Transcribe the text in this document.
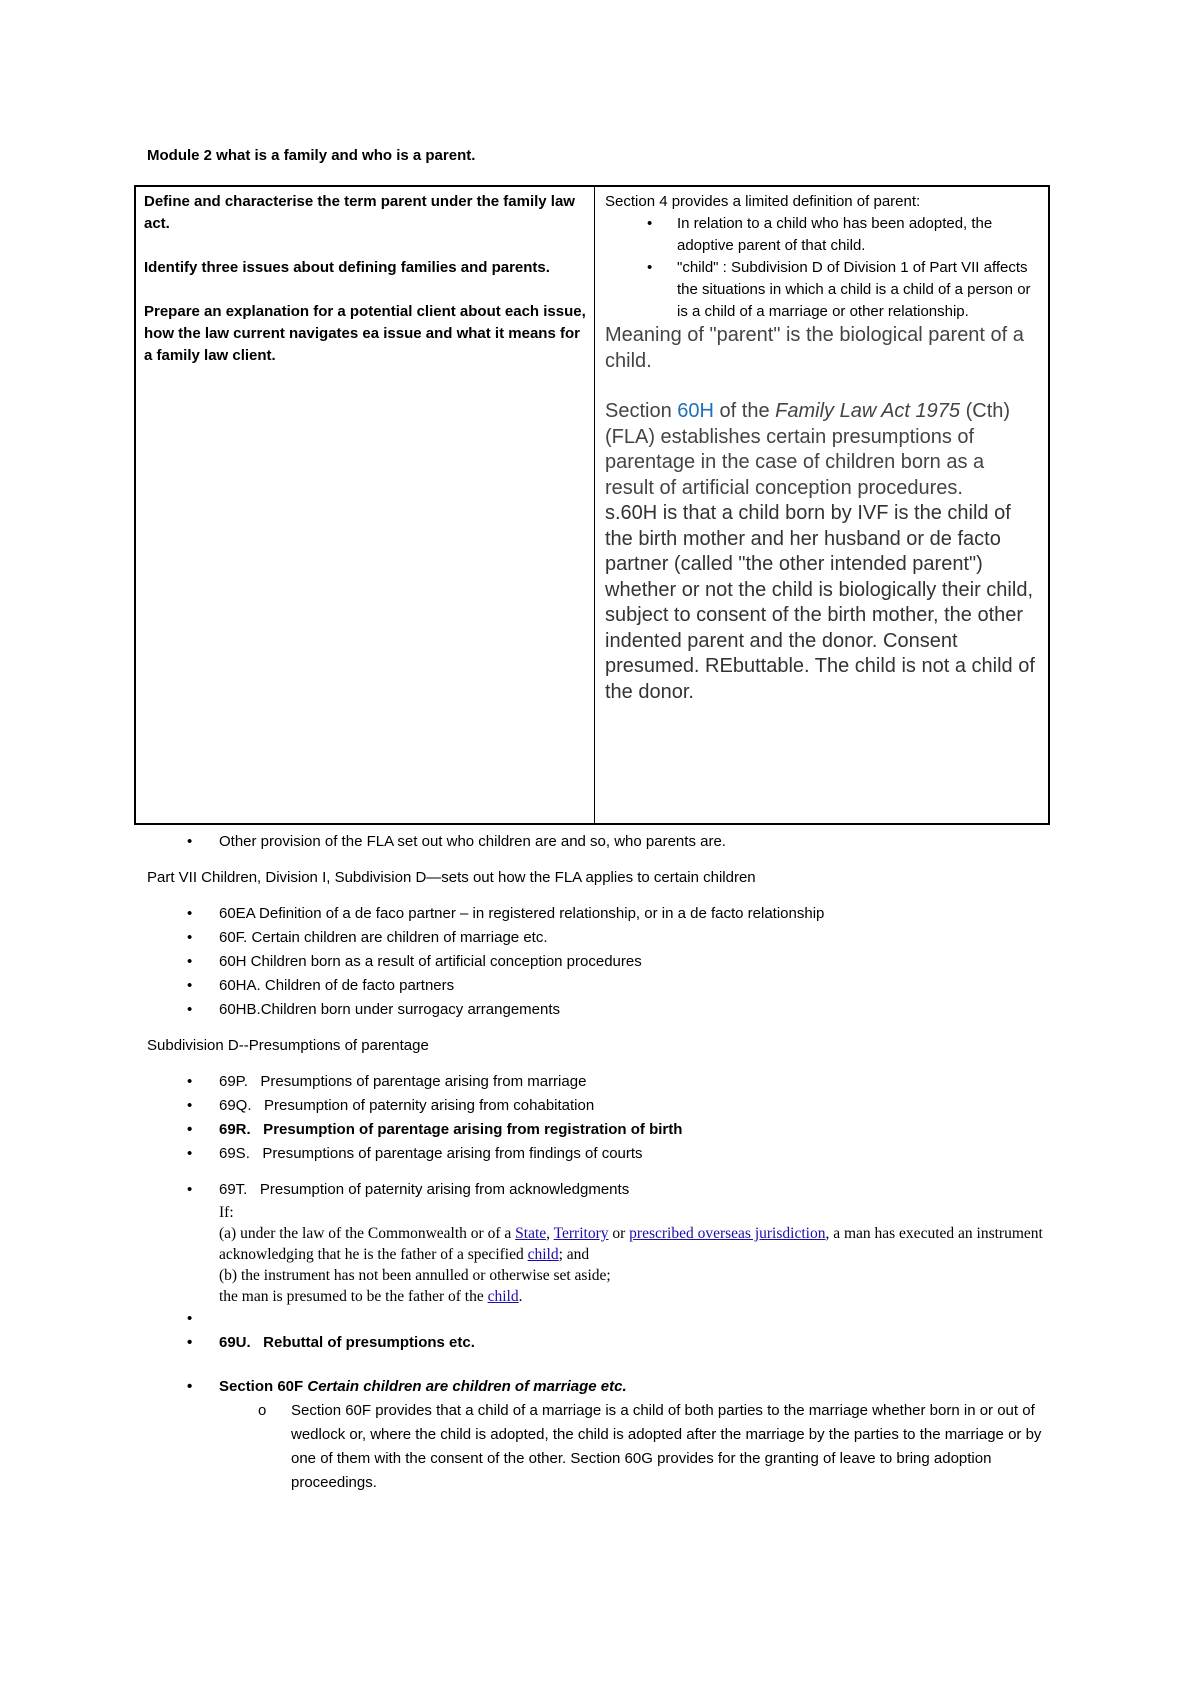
Module 2 what is a family and who is a parent.

Define and characterise the term parent under the family law act.

Identify three issues about defining families and parents.

Prepare an explanation for a potential client about each issue, how the law current navigates ea issue and what it means for a family law client.

Section 4 provides a limited definition of parent:
• In relation to a child who has been adopted, the adoptive parent of that child.
• "child" : Subdivision D of Division 1 of Part VII affects the situations in which a child is a child of a person or is a child of a marriage or other relationship.

Meaning of "parent" is the biological parent of a child.

Section 60H of the Family Law Act 1975 (Cth) (FLA) establishes certain presumptions of parentage in the case of children born as a result of artificial conception procedures.

s.60H is that a child born by IVF is the child of the birth mother and her husband or de facto partner (called "the other intended parent") whether or not the child is biologically their child, subject to consent of the birth mother, the other indented parent and the donor. Consent presumed. REbuttable. The child is not a child of the donor.

• Other provision of the FLA set out who children are and so, who parents are.

Part VII Children, Division I, Subdivision D—sets out how the FLA applies to certain children

• 60EA Definition of a de faco partner – in registered relationship, or in a de facto relationship
• 60F. Certain children are children of marriage etc.
• 60H Children born as a result of artificial conception procedures
• 60HA. Children of de facto partners
• 60HB.Children born under surrogacy arrangements

Subdivision D--Presumptions of parentage

• 69P.   Presumptions of parentage arising from marriage
• 69Q.   Presumption of paternity arising from cohabitation
• 69R.   Presumption of parentage arising from registration of birth
• 69S.   Presumptions of parentage arising from findings of courts
• 69T.   Presumption of paternity arising from acknowledgments
If:
(a) under the law of the Commonwealth or of a State, Territory or prescribed overseas jurisdiction, a man has executed an instrument acknowledging that he is the father of a specified child; and
(b) the instrument has not been annulled or otherwise set aside;
the man is presumed to be the father of the child.
•
• 69U.   Rebuttal of presumptions etc.
• Section 60F Certain children are children of marriage etc.
o Section 60F provides that a child of a marriage is a child of both parties to the marriage whether born in or out of wedlock or, where the child is adopted, the child is adopted after the marriage by the parties to the marriage or by one of them with the consent of the other. Section 60G provides for the granting of leave to bring adoption proceedings.
